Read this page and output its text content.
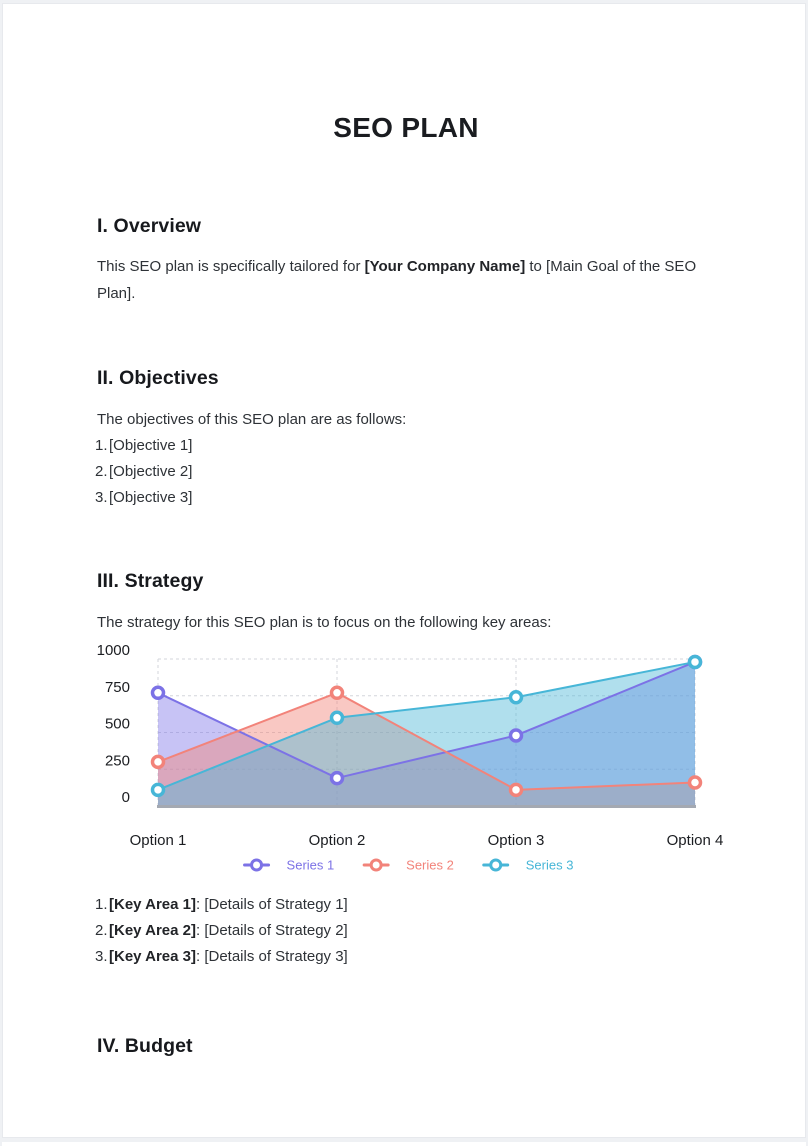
SEO PLAN
I. Overview

This SEO plan is specifically tailored for [Your Company Name] to [Main Goal of the SEO Plan].

II. Objectives

The objectives of this SEO plan are as follows:

1. [Objective 1]
2. [Objective 2]
3. [Objective 3]
III. Strategy

The strategy for this SEO plan is to focus on the following key areas:

0
250
500
750
1000
Option 1	Option 2	Option 3	Option 4
Series 1	Series 2	Series 3
1. [Key Area 1]: [Details of Strategy 1]
2. [Key Area 2]: [Details of Strategy 2]
3. [Key Area 3]: [Details of Strategy 3]
IV. Budget
